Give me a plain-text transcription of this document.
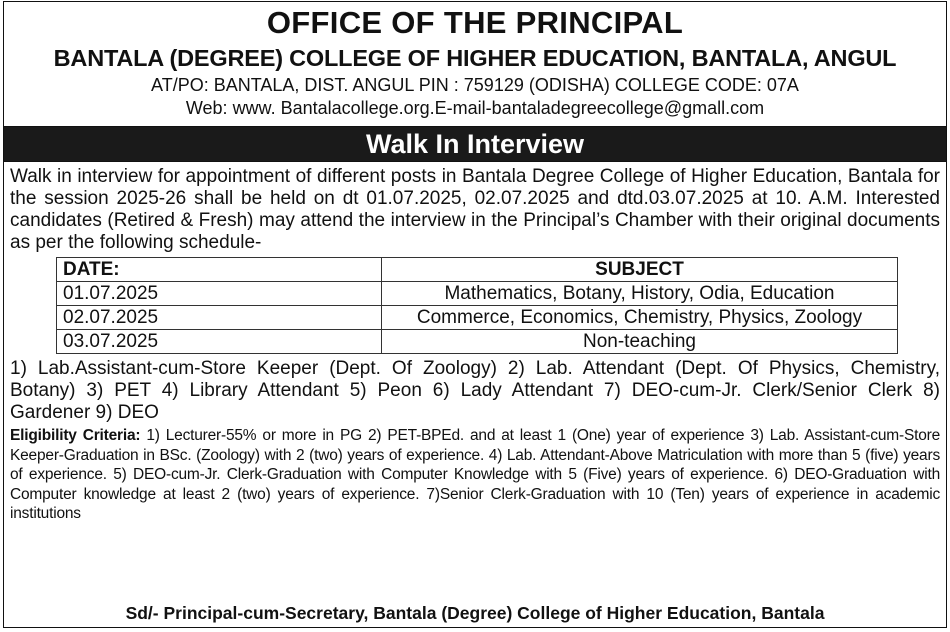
OFFICE OF THE PRINCIPAL
BANTALA (DEGREE) COLLEGE OF HIGHER EDUCATION, BANTALA, ANGUL
AT/PO: BANTALA, DIST. ANGUL PIN : 759129 (ODISHA) COLLEGE CODE: 07A
Web: www. Bantalacollege.org.E-mail-bantaladegreecollege@gmall.com
Walk In Interview
Walk in interview for appointment of different posts in Bantala Degree College of Higher Education, Bantala for the session 2025-26 shall be held on dt 01.07.2025, 02.07.2025 and dtd.03.07.2025 at 10. A.M. Interested candidates (Retired & Fresh) may attend the interview in the Principal’s Chamber with their original documents as per the following schedule-
DATE:	SUBJECT
01.07.2025	Mathematics, Botany, History, Odia, Education
02.07.2025	Commerce, Economics, Chemistry, Physics, Zoology
03.07.2025	Non-teaching
1) Lab.Assistant-cum-Store Keeper (Dept. Of Zoology) 2) Lab. Attendant (Dept. Of Physics, Chemistry, Botany) 3) PET 4) Library Attendant 5) Peon 6) Lady Attendant 7) DEO-cum-Jr. Clerk/Senior Clerk 8) Gardener 9) DEO
Eligibility Criteria: 1) Lecturer-55% or more in PG 2) PET-BPEd. and at least 1 (One) year of experience 3) Lab. Assistant-cum-Store Keeper-Graduation in BSc. (Zoology) with 2 (two) years of experience. 4) Lab. Attendant-Above Matriculation with more than 5 (five) years of experience. 5) DEO-cum-Jr. Clerk-Graduation with Computer Knowledge with 5 (Five) years of experience. 6) DEO-Graduation with Computer knowledge at least 2 (two) years of experience. 7)Senior Clerk-Graduation with 10 (Ten) years of experience in academic institutions
Sd/- Principal-cum-Secretary, Bantala (Degree) College of Higher Education, Bantala
